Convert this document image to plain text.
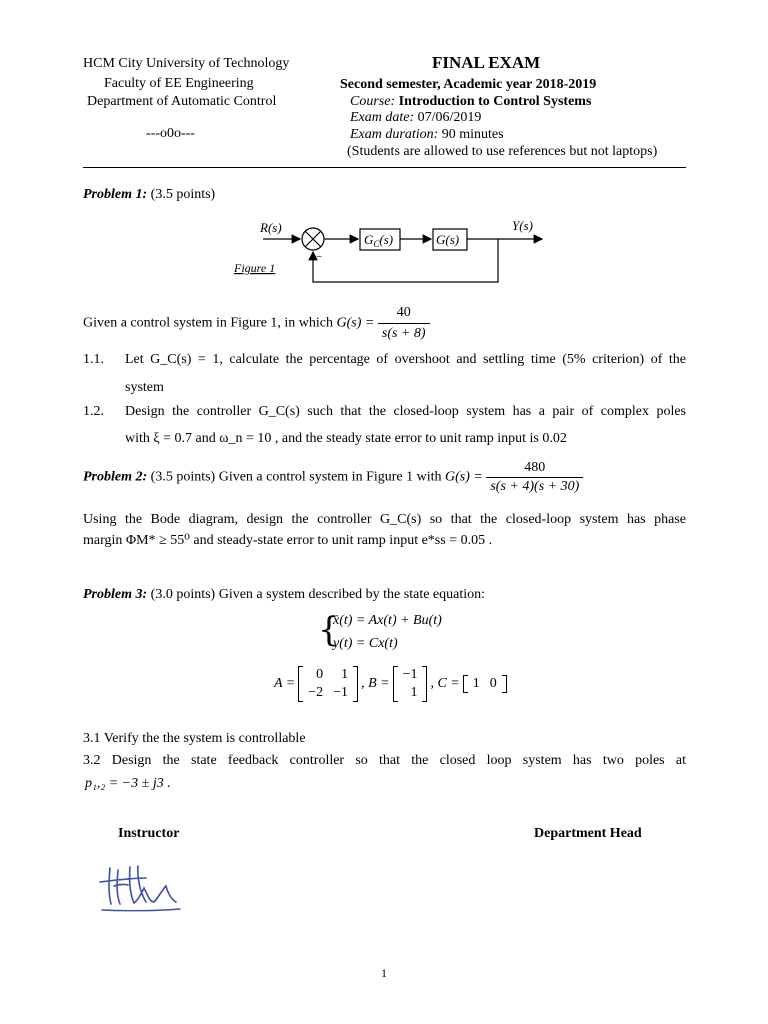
HCM City University of Technology
Faculty of EE Engineering
Department of Automatic Control
---o0o---
FINAL EXAM
Second semester, Academic year 2018-2019
Course: Introduction to Control Systems
Exam date: 07/06/2019
Exam duration: 90 minutes
(Students are allowed to use references but not laptops)
Problem 1: (3.5 points)
R(s)
−
$G_C(s)$	G(s)
Y(s)
Figure 1
Given a control system in Figure 1, in which $G(s) = \frac{40}{s(s + 8)}$
1.1. Let G_C(s) = 1, calculate the percentage of overshoot and settling time (5% criterion) of the
system
1.2. Design the controller G_C(s) such that the closed-loop system has a pair of complex poles
with ξ = 0.7 and ω_n = 10 , and the steady state error to unit ramp input is 0.02
Problem 2: (3.5 points) Given a control system in Figure 1 with $G(s) = \frac{480}{s(s + 4)(s + 30)}$
Using the Bode diagram, design the controller G_C(s) so that the closed-loop system has phase
margin ΦM* ≥ 55⁰ and steady-state error to unit ramp input e*ss = 0.05 .
Problem 3: (3.0 points) Given a system described by the state equation:
{
ẋ(t) = Ax(t) + Bu(t)
y(t) = Cx(t)
A =
0	1
−2	−1
, B =
−1
1
, C = 1	0
3.1 Verify the the system is controllable
3.2 Design the state feedback controller so that the closed loop system has two poles at
p₁,₂ = −3 ± j3 .
Instructor	Department Head
1
